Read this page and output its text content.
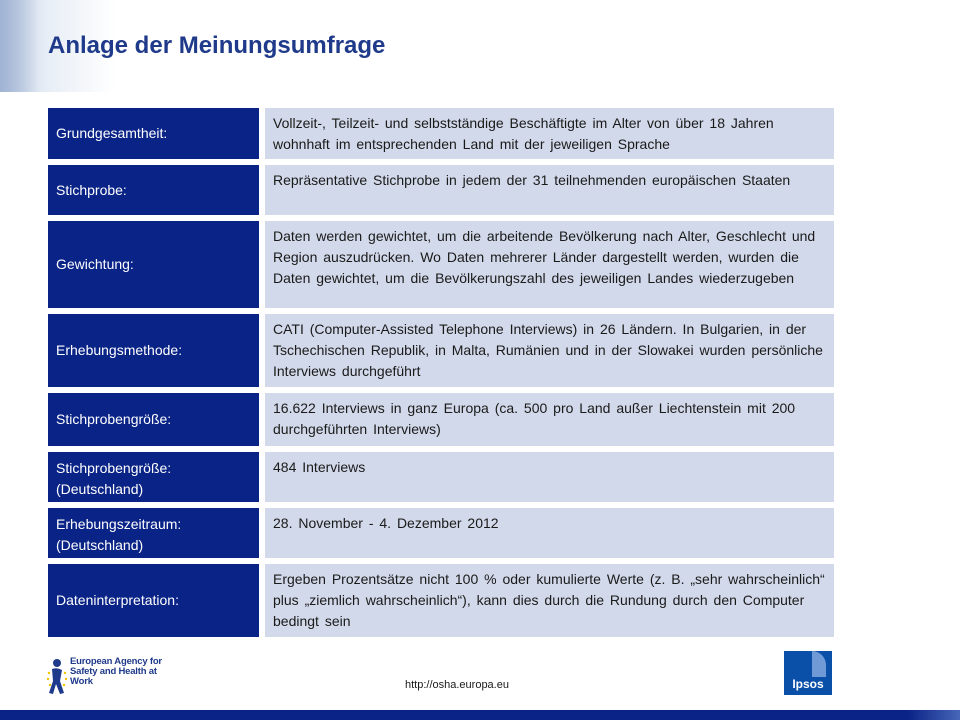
Anlage der Meinungsumfrage
Grundgesamtheit:
Vollzeit-, Teilzeit- und selbstständige Beschäftigte im Alter von über 18 Jahren wohnhaft im entsprechenden Land mit der jeweiligen Sprache
Stichprobe:
Repräsentative Stichprobe in jedem der 31 teilnehmenden europäischen Staaten
Gewichtung:
Daten werden gewichtet, um die arbeitende Bevölkerung nach Alter, Geschlecht und Region auszudrücken. Wo Daten mehrerer Länder dargestellt werden, wurden die Daten gewichtet, um die Bevölkerungszahl des jeweiligen Landes wiederzugeben
Erhebungsmethode:
CATI (Computer-Assisted Telephone Interviews) in 26 Ländern. In Bulgarien, in der Tschechischen Republik, in Malta, Rumänien und in der Slowakei wurden persönliche Interviews durchgeführt
Stichprobengröße:
16.622 Interviews in ganz Europa (ca. 500 pro Land außer Liechtenstein mit 200 durchgeführten Interviews)
Stichprobengröße: (Deutschland)
484 Interviews
Erhebungszeitraum: (Deutschland)
28. November - 4. Dezember 2012
Dateninterpretation:
Ergeben Prozentsätze nicht 100 % oder kumulierte Werte (z. B. „sehr wahrscheinlich“ plus „ziemlich wahrscheinlich“), kann dies durch die Rundung durch den Computer bedingt sein
European Agency for Safety and Health at Work	http://osha.europa.eu	Ipsos
